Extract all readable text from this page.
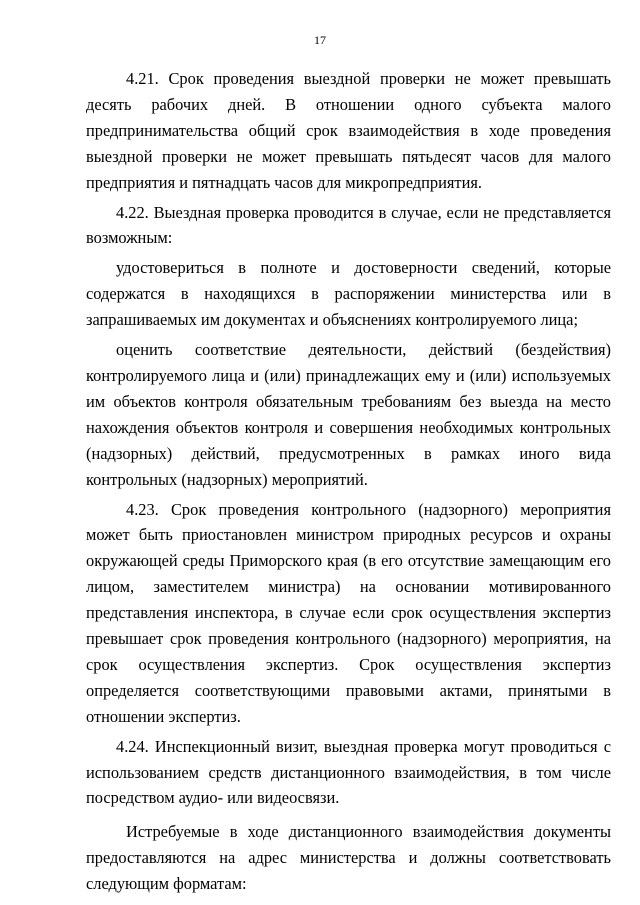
17

4.21. Срок проведения выездной проверки не может превышать десять рабочих дней. В отношении одного субъекта малого предпринимательства общий срок взаимодействия в ходе проведения выездной проверки не может превышать пятьдесят часов для малого предприятия и пятнадцать часов для микропредприятия.

4.22. Выездная проверка проводится в случае, если не представляется возможным:

удостовериться в полноте и достоверности сведений, которые содержатся в находящихся в распоряжении министерства или в запрашиваемых им документах и объяснениях контролируемого лица;

оценить соответствие деятельности, действий (бездействия) контролируемого лица и (или) принадлежащих ему и (или) используемых им объектов контроля обязательным требованиям без выезда на место нахождения объектов контроля и совершения необходимых контрольных (надзорных) действий, предусмотренных в рамках иного вида контрольных (надзорных) мероприятий.

4.23. Срок проведения контрольного (надзорного) мероприятия может быть приостановлен министром природных ресурсов и охраны окружающей среды Приморского края (в его отсутствие замещающим его лицом, заместителем министра) на основании мотивированного представления инспектора, в случае если срок осуществления экспертиз превышает срок проведения контрольного (надзорного) мероприятия, на срок осуществления экспертиз. Срок осуществления экспертиз определяется соответствующими правовыми актами, принятыми в отношении экспертиз.

4.24. Инспекционный визит, выездная проверка могут проводиться с использованием средств дистанционного взаимодействия, в том числе посредством аудио- или видеосвязи.

Истребуемые в ходе дистанционного взаимодействия документы предоставляются на адрес министерства и должны соответствовать следующим форматам:
